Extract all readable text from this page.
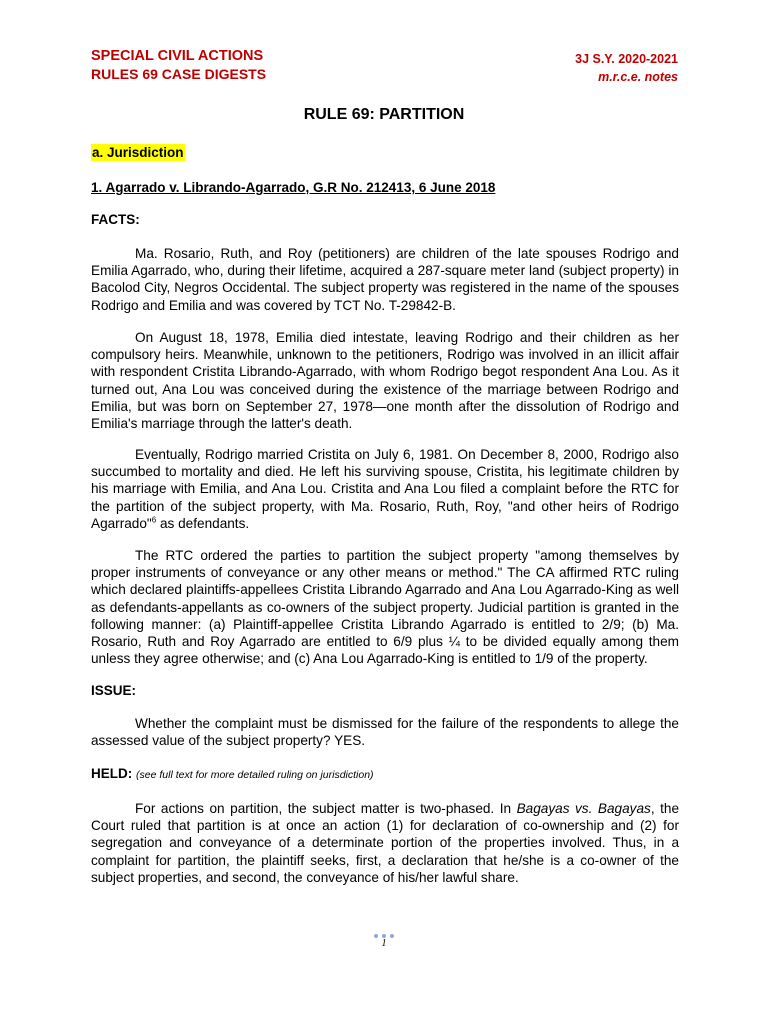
SPECIAL CIVIL ACTIONS
RULES 69 CASE DIGESTS
3J S.Y. 2020-2021
m.r.c.e. notes
RULE 69: PARTITION
a. Jurisdiction
1. Agarrado v. Librando-Agarrado, G.R No. 212413, 6 June 2018
FACTS:

Ma. Rosario, Ruth, and Roy (petitioners) are children of the late spouses Rodrigo and Emilia Agarrado, who, during their lifetime, acquired a 287-square meter land (subject property) in Bacolod City, Negros Occidental. The subject property was registered in the name of the spouses Rodrigo and Emilia and was covered by TCT No. T-29842-B.

On August 18, 1978, Emilia died intestate, leaving Rodrigo and their children as her compulsory heirs. Meanwhile, unknown to the petitioners, Rodrigo was involved in an illicit affair with respondent Cristita Librando-Agarrado, with whom Rodrigo begot respondent Ana Lou. As it turned out, Ana Lou was conceived during the existence of the marriage between Rodrigo and Emilia, but was born on September 27, 1978—one month after the dissolution of Rodrigo and Emilia's marriage through the latter's death.

Eventually, Rodrigo married Cristita on July 6, 1981. On December 8, 2000, Rodrigo also succumbed to mortality and died. He left his surviving spouse, Cristita, his legitimate children by his marriage with Emilia, and Ana Lou. Cristita and Ana Lou filed a complaint before the RTC for the partition of the subject property, with Ma. Rosario, Ruth, Roy, "and other heirs of Rodrigo Agarrado"$^6$ as defendants.

The RTC ordered the parties to partition the subject property "among themselves by proper instruments of conveyance or any other means or method." The CA affirmed RTC ruling which declared plaintiffs-appellees Cristita Librando Agarrado and Ana Lou Agarrado-King as well as defendants-appellants as co-owners of the subject property. Judicial partition is granted in the following manner: (a) Plaintiff-appellee Cristita Librando Agarrado is entitled to 2/9; (b) Ma. Rosario, Ruth and Roy Agarrado are entitled to 6/9 plus ¼ to be divided equally among them unless they agree otherwise; and (c) Ana Lou Agarrado-King is entitled to 1/9 of the property.

ISSUE:

Whether the complaint must be dismissed for the failure of the respondents to allege the assessed value of the subject property? YES.

HELD: (see full text for more detailed ruling on jurisdiction)

For actions on partition, the subject matter is two-phased. In Bagayas vs. Bagayas, the Court ruled that partition is at once an action (1) for declaration of co-ownership and (2) for segregation and conveyance of a determinate portion of the properties involved. Thus, in a complaint for partition, the plaintiff seeks, first, a declaration that he/she is a co-owner of the subject properties, and second, the conveyance of his/her lawful share.

1
